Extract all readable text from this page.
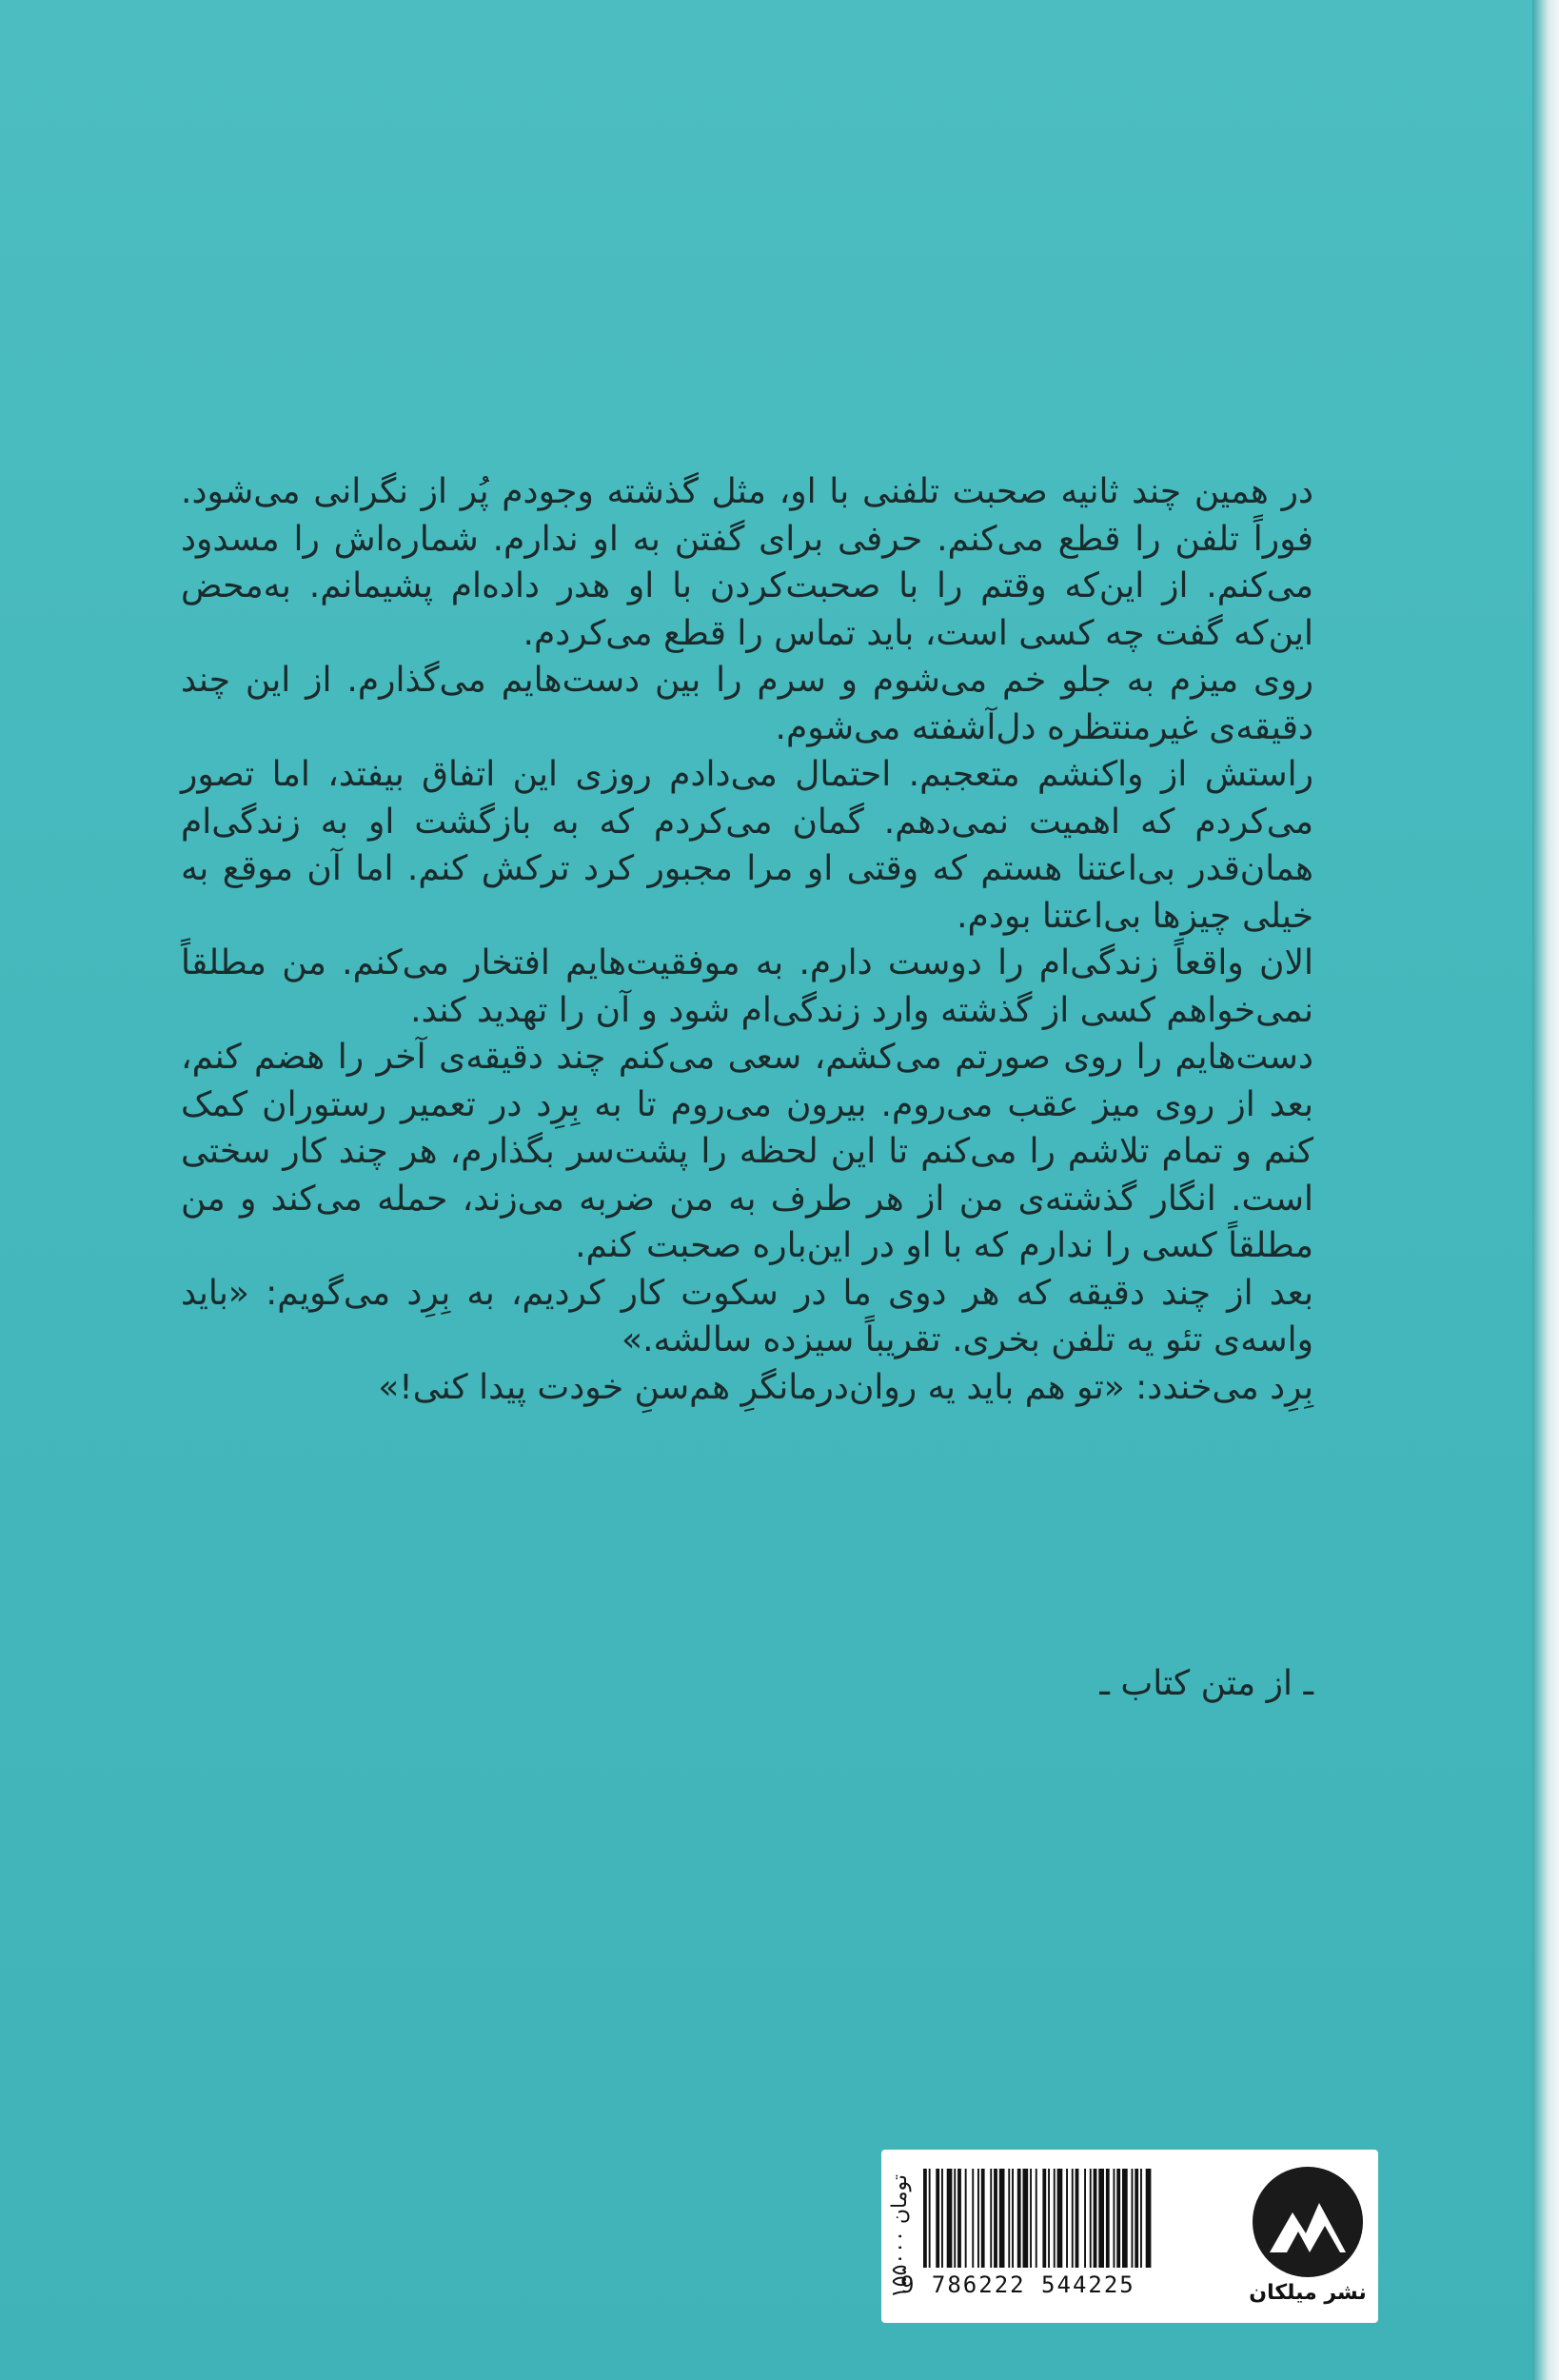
در همین چند ثانیه صحبت تلفنی با او، مثل گذشته وجودم پُر از نگرانی می‌شود. فوراً تلفن را قطع می‌کنم. حرفی برای گفتن به او ندارم. شماره‌اش را مسدود می‌کنم. از این‌که وقتم را با صحبت‌کردن با او هدر داده‌ام پشیمانم. به‌محض این‌که گفت چه کسی است، باید تماس را قطع می‌کردم.

روی میزم به جلو خم می‌شوم و سرم را بین دست‌هایم می‌گذارم. از این چند دقیقه‌ی غیرمنتظره دل‌آشفته می‌شوم.

راستش از واکنشم متعجبم. احتمال می‌دادم روزی این اتفاق بیفتد، اما تصور می‌کردم که اهمیت نمی‌دهم. گمان می‌کردم که به بازگشت او به زندگی‌ام همان‌قدر بی‌اعتنا هستم که وقتی او مرا مجبور کرد ترکش کنم. اما آن موقع به خیلی چیزها بی‌اعتنا بودم.

الان واقعاً زندگی‌ام را دوست دارم. به موفقیت‌هایم افتخار می‌کنم. من مطلقاً نمی‌خواهم کسی از گذشته وارد زندگی‌ام شود و آن را تهدید کند.

دست‌هایم را روی صورتم می‌کشم، سعی می‌کنم چند دقیقه‌ی آخر را هضم کنم، بعد از روی میز عقب می‌روم. بیرون می‌روم تا به بِرِد در تعمیر رستوران کمک کنم و تمام تلاشم را می‌کنم تا این لحظه را پشت‌سر بگذارم، هر چند کار سختی است. انگار گذشته‌ی من از هر طرف به من ضربه می‌زند، حمله می‌کند و من مطلقاً کسی را ندارم که با او در این‌باره صحبت کنم.

بعد از چند دقیقه که هر دوی ما در سکوت کار کردیم، به بِرِد می‌گویم: «باید واسه‌ی تئو یه تلفن بخری. تقریباً سیزده سالشه.»

بِرِد می‌خندد: «تو هم باید یه روان‌درمانگرِ هم‌سنِ خودت پیدا کنی!»

ـ از متن کتاب ـ
۱۵۵۰۰۰ تومان
9 786222 544225	نشر میلکان
